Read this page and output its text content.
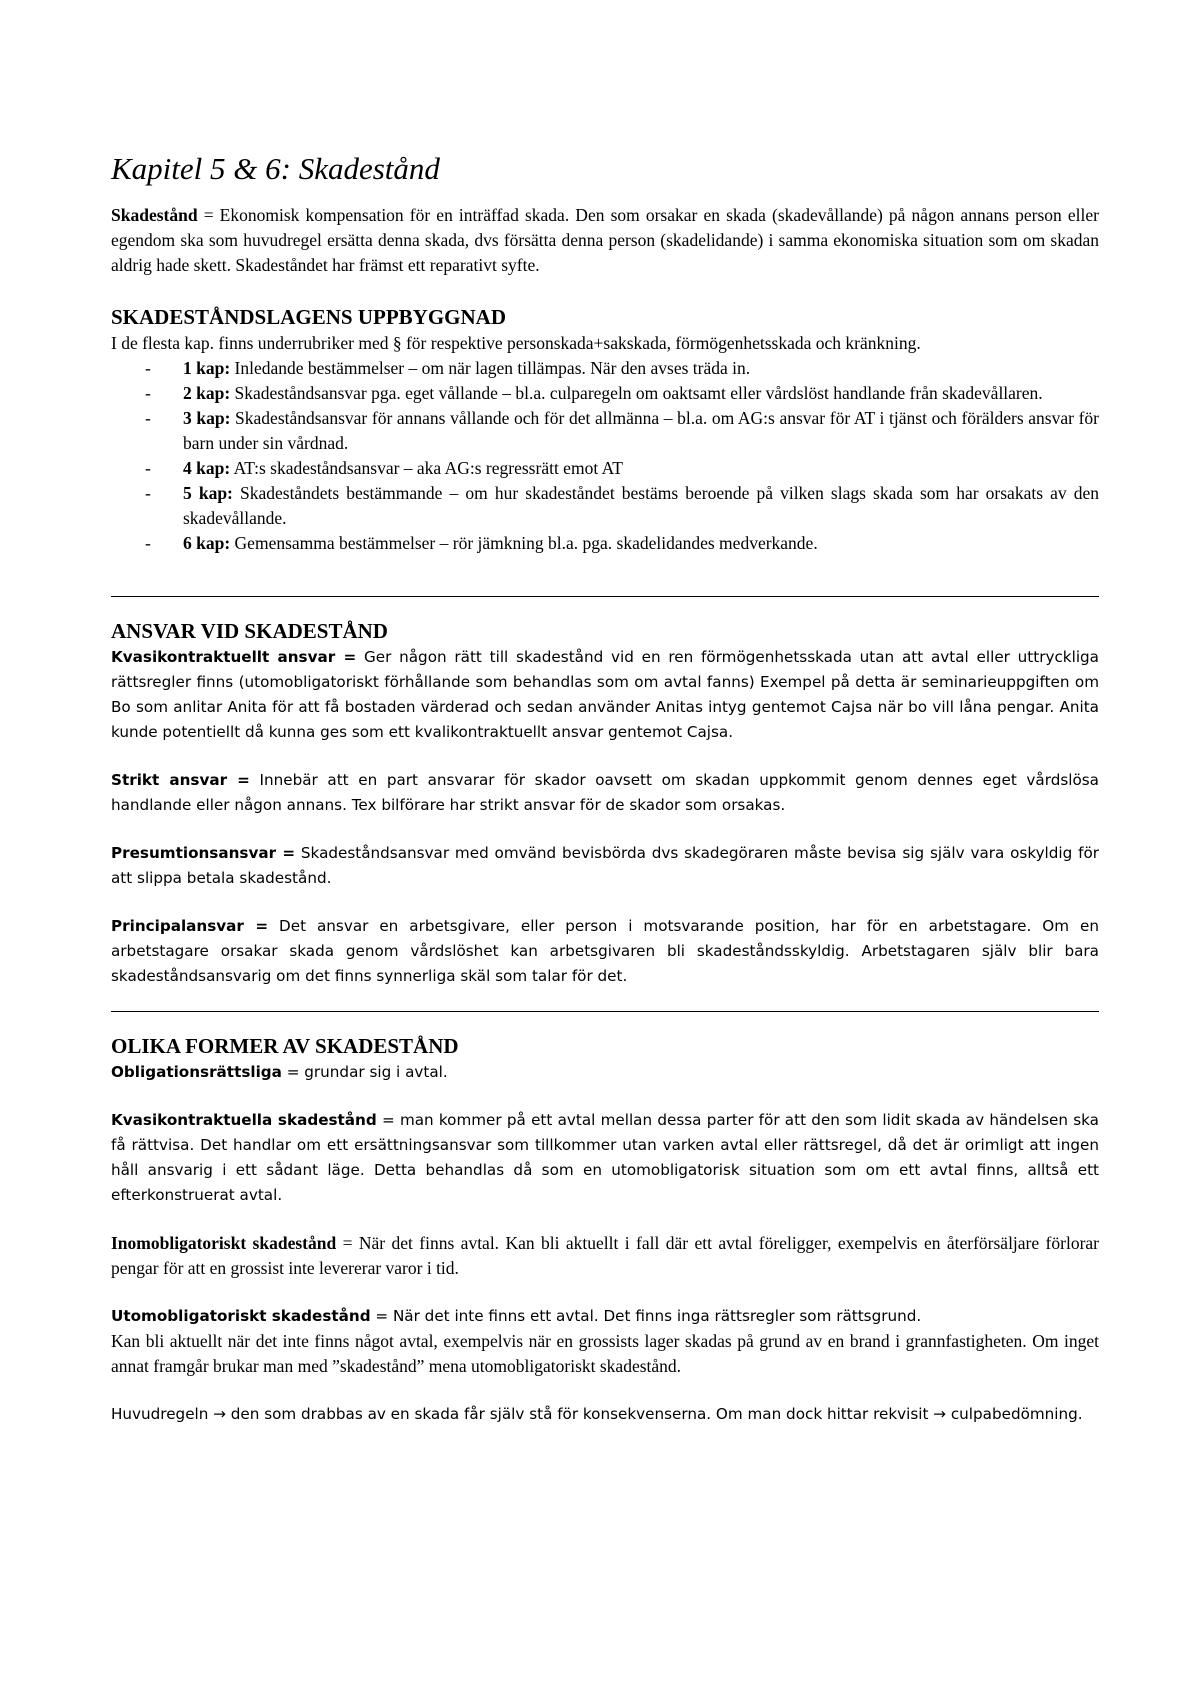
Kapitel 5 & 6: Skadestånd

Skadestånd = Ekonomisk kompensation för en inträffad skada. Den som orsakar en skada (skadevållande) på någon annans person eller egendom ska som huvudregel ersätta denna skada, dvs försätta denna person (skadelidande) i samma ekonomiska situation som om skadan aldrig hade skett. Skadeståndet har främst ett reparativt syfte.

SKADESTÅNDSLAGENS UPPBYGGNAD

I de flesta kap. finns underrubriker med § för respektive personskada+sakskada, förmögenhetsskada och kränkning.

- 1 kap: Inledande bestämmelser – om när lagen tillämpas. När den avses träda in.
- 2 kap: Skadeståndsansvar pga. eget vållande – bl.a. culparegeln om oaktsamt eller vårdslöst handlande från skadevållaren.
- 3 kap: Skadeståndsansvar för annans vållande och för det allmänna – bl.a. om AG:s ansvar för AT i tjänst och förälders ansvar för barn under sin vårdnad.
- 4 kap: AT:s skadeståndsansvar – aka AG:s regressrätt emot AT
- 5 kap: Skadeståndets bestämmande – om hur skadeståndet bestäms beroende på vilken slags skada som har orsakats av den skadevållande.
- 6 kap: Gemensamma bestämmelser – rör jämkning bl.a. pga. skadelidandes medverkande.
ANSVAR VID SKADESTÅND

Kvasikontraktuellt ansvar = Ger någon rätt till skadestånd vid en ren förmögenhetsskada utan att avtal eller uttryckliga rättsregler finns (utomobligatoriskt förhållande som behandlas som om avtal fanns) Exempel på detta är seminarieuppgiften om Bo som anlitar Anita för att få bostaden värderad och sedan använder Anitas intyg gentemot Cajsa när bo vill låna pengar. Anita kunde potentiellt då kunna ges som ett kvalikontraktuellt ansvar gentemot Cajsa.

Strikt ansvar = Innebär att en part ansvarar för skador oavsett om skadan uppkommit genom dennes eget vårdslösa handlande eller någon annans. Tex bilförare har strikt ansvar för de skador som orsakas.

Presumtionsansvar = Skadeståndsansvar med omvänd bevisbörda dvs skadegöraren måste bevisa sig själv vara oskyldig för att slippa betala skadestånd.

Principalansvar = Det ansvar en arbetsgivare, eller person i motsvarande position, har för en arbetstagare. Om en arbetstagare orsakar skada genom vårdslöshet kan arbetsgivaren bli skadeståndsskyldig. Arbetstagaren själv blir bara skadeståndsansvarig om det finns synnerliga skäl som talar för det.

OLIKA FORMER AV SKADESTÅND

Obligationsrättsliga = grundar sig i avtal.

Kvasikontraktuella skadestånd = man kommer på ett avtal mellan dessa parter för att den som lidit skada av händelsen ska få rättvisa. Det handlar om ett ersättningsansvar som tillkommer utan varken avtal eller rättsregel, då det är orimligt att ingen håll ansvarig i ett sådant läge. Detta behandlas då som en utomobligatorisk situation som om ett avtal finns, alltså ett efterkonstruerat avtal.

Inomobligatoriskt skadestånd = När det finns avtal. Kan bli aktuellt i fall där ett avtal föreligger, exempelvis en återförsäljare förlorar pengar för att en grossist inte levererar varor i tid.

Utomobligatoriskt skadestånd = När det inte finns ett avtal. Det finns inga rättsregler som rättsgrund.

Kan bli aktuellt när det inte finns något avtal, exempelvis när en grossists lager skadas på grund av en brand i grannfastigheten. Om inget annat framgår brukar man med ”skadestånd” mena utomobligatoriskt skadestånd.

Huvudregeln → den som drabbas av en skada får själv stå för konsekvenserna. Om man dock hittar rekvisit → culpabedömning.
